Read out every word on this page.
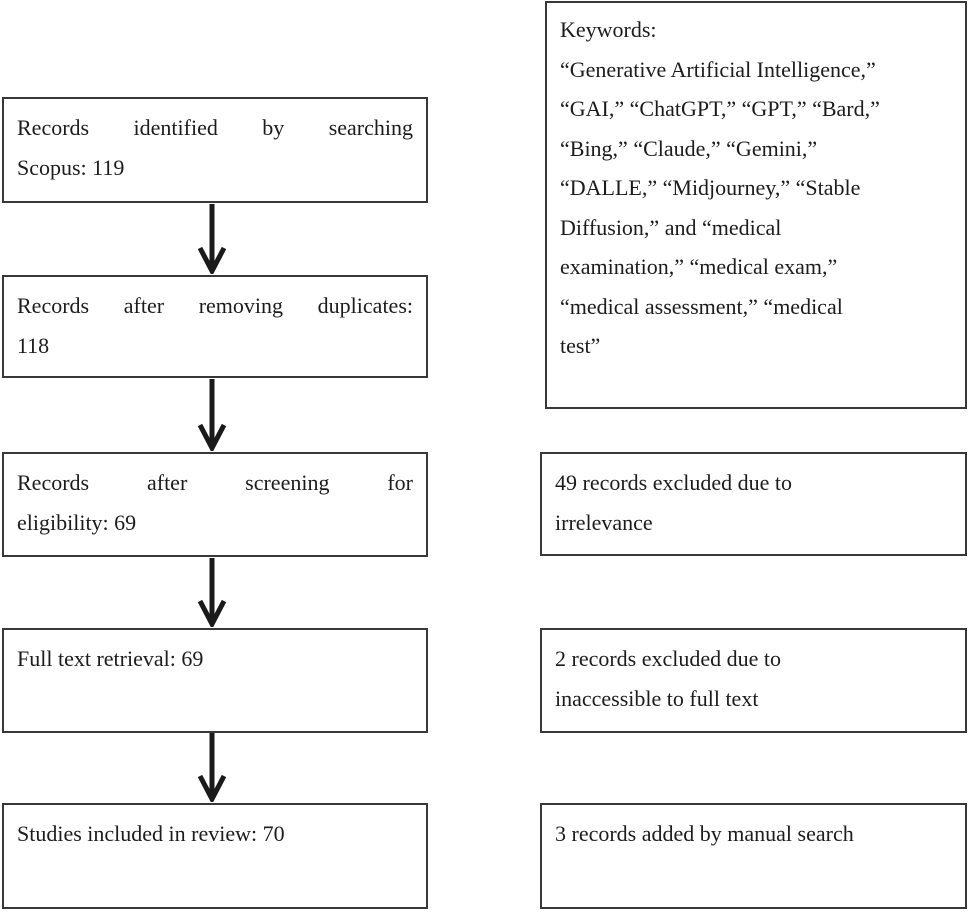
Records identified by searching
Scopus: 119
Records after removing duplicates:
118
Records after screening for
eligibility: 69
Full text retrieval: 69
Studies included in review: 70
Keywords:
“Generative Artificial Intelligence,”
“GAI,” “ChatGPT,” “GPT,” “Bard,”
“Bing,” “Claude,” “Gemini,”
“DALLE,” “Midjourney,” “Stable
Diffusion,” and “medical
examination,” “medical exam,”
“medical assessment,” “medical
test”
49 records excluded due to
irrelevance
2 records excluded due to
inaccessible to full text
3 records added by manual search
